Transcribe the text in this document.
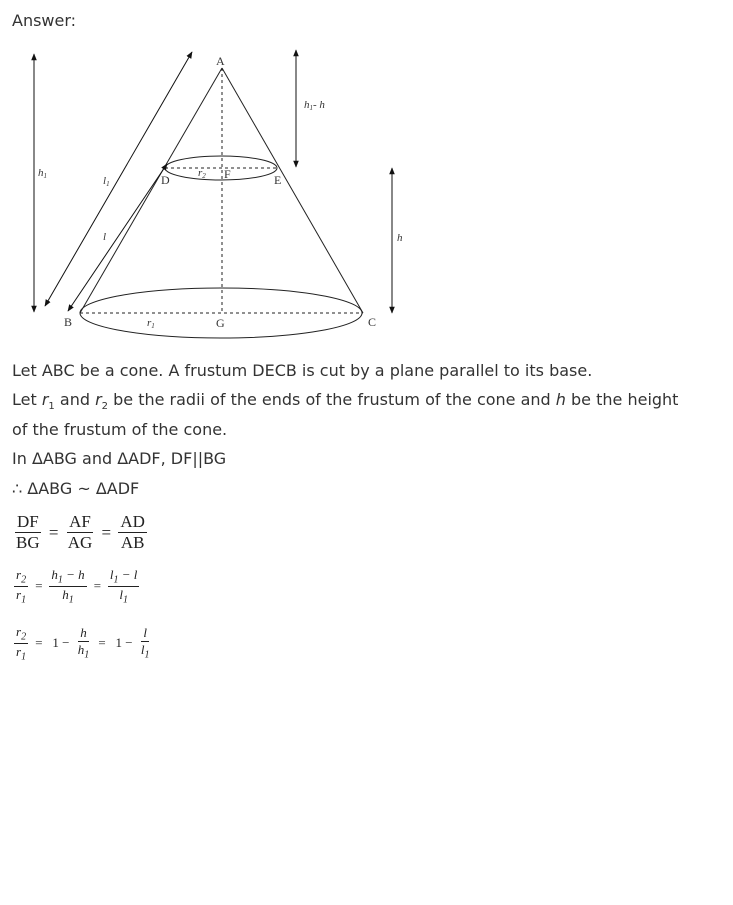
Answer:
A
B	C
D	E
F
G
h1
h1- h
h
l1
l
r1
r2
Let ABC be a cone. A frustum DECB is cut by a plane parallel to its base.
Let $r_1$ and $r_2$ be the radii of the ends of the frustum of the cone and h be the height
of the frustum of the cone.
In ΔABG and ΔADF, DF||BG
∴ ΔABG ~ ΔADF
$\frac{DF}{BG} = \frac{AF}{AG} = \frac{AD}{AB}$
$\frac{r_2}{r_1} = \frac{h_1 - h}{h_1} = \frac{l_1 - l}{l_1}$
$\frac{r_2}{r_1} = 1 - \frac{h}{h_1} = 1 - \frac{l}{l_1}$
